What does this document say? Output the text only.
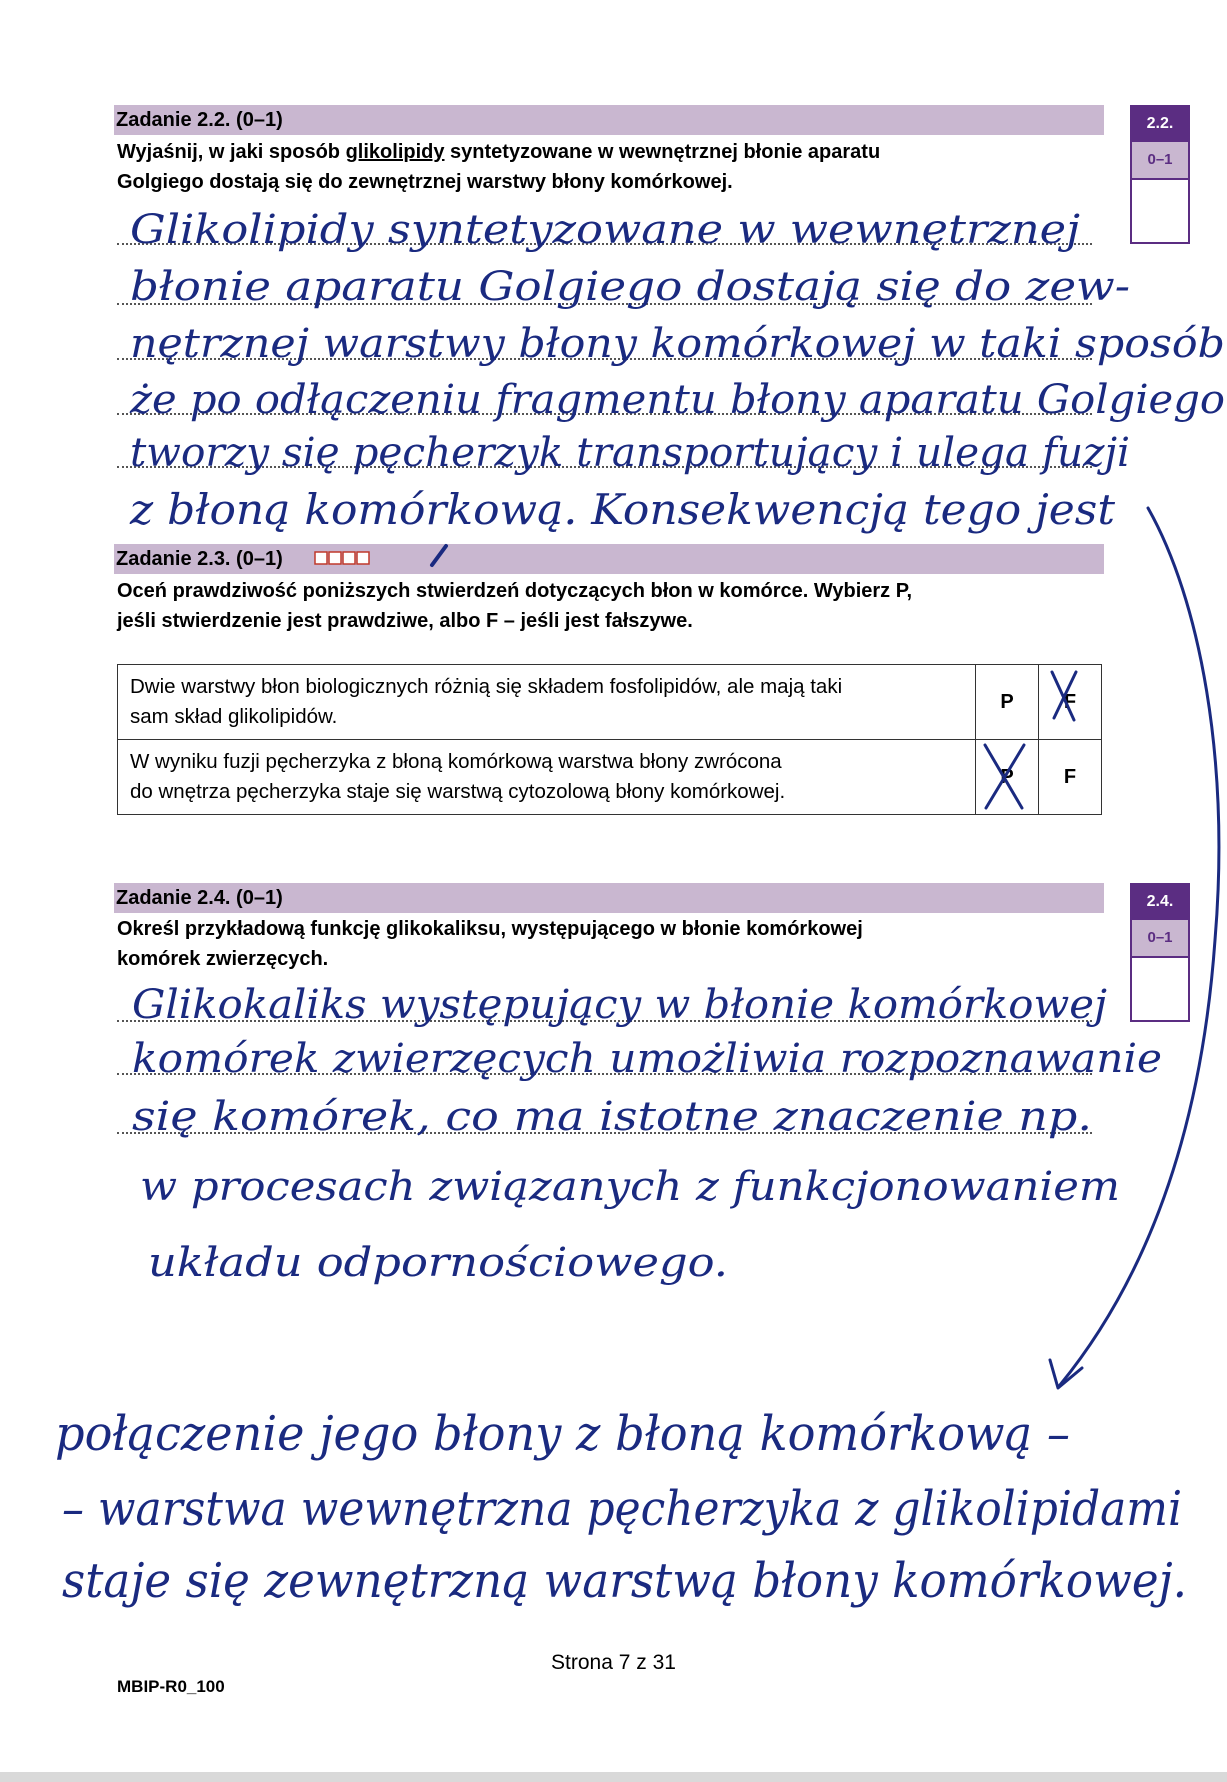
Zadanie 2.2. (0–1)
Wyjaśnij, w jaki sposób glikolipidy syntetyzowane w wewnętrznej błonie aparatu
Golgiego dostają się do zewnętrznej warstwy błony komórkowej.
2.2.
0–1
Zadanie 2.3. (0–1)
Oceń prawdziwość poniższych stwierdzeń dotyczących błon w komórce. Wybierz P,
jeśli stwierdzenie jest prawdziwe, albo F – jeśli jest fałszywe.
Dwie warstwy błon biologicznych różnią się składem fosfolipidów, ale mają taki
sam skład glikolipidów.	P	F

W wyniku fuzji pęcherzyka z błoną komórkową warstwa błony zwrócona
do wnętrza pęcherzyka staje się warstwą cytozolową błony komórkowej.	P	F
Zadanie 2.4. (0–1)
Określ przykładową funkcję glikokaliksu, występującego w błonie komórkowej
komórek zwierzęcych.
2.4.
0–1
Strona 7 z 31
MBIP-R0_100
Glikolipidy syntetyzowane w wewnętrznej
błonie aparatu Golgiego dostają się do zew-
nętrznej warstwy błony komórkowej w taki sposób
że po odłączeniu fragmentu błony aparatu Golgiego
tworzy się pęcherzyk transportujący i ulega fuzji
z błoną komórkową. Konsekwencją tego jest
Glikokaliks występujący w błonie komórkowej
komórek zwierzęcych umożliwia rozpoznawanie
się komórek, co ma istotne znaczenie np.
w procesach związanych z funkcjonowaniem
układu odpornościowego.
połączenie jego błony z błoną komórkową –
– warstwa wewnętrzna pęcherzyka z glikolipidami
staje się zewnętrzną warstwą błony komórkowej.
